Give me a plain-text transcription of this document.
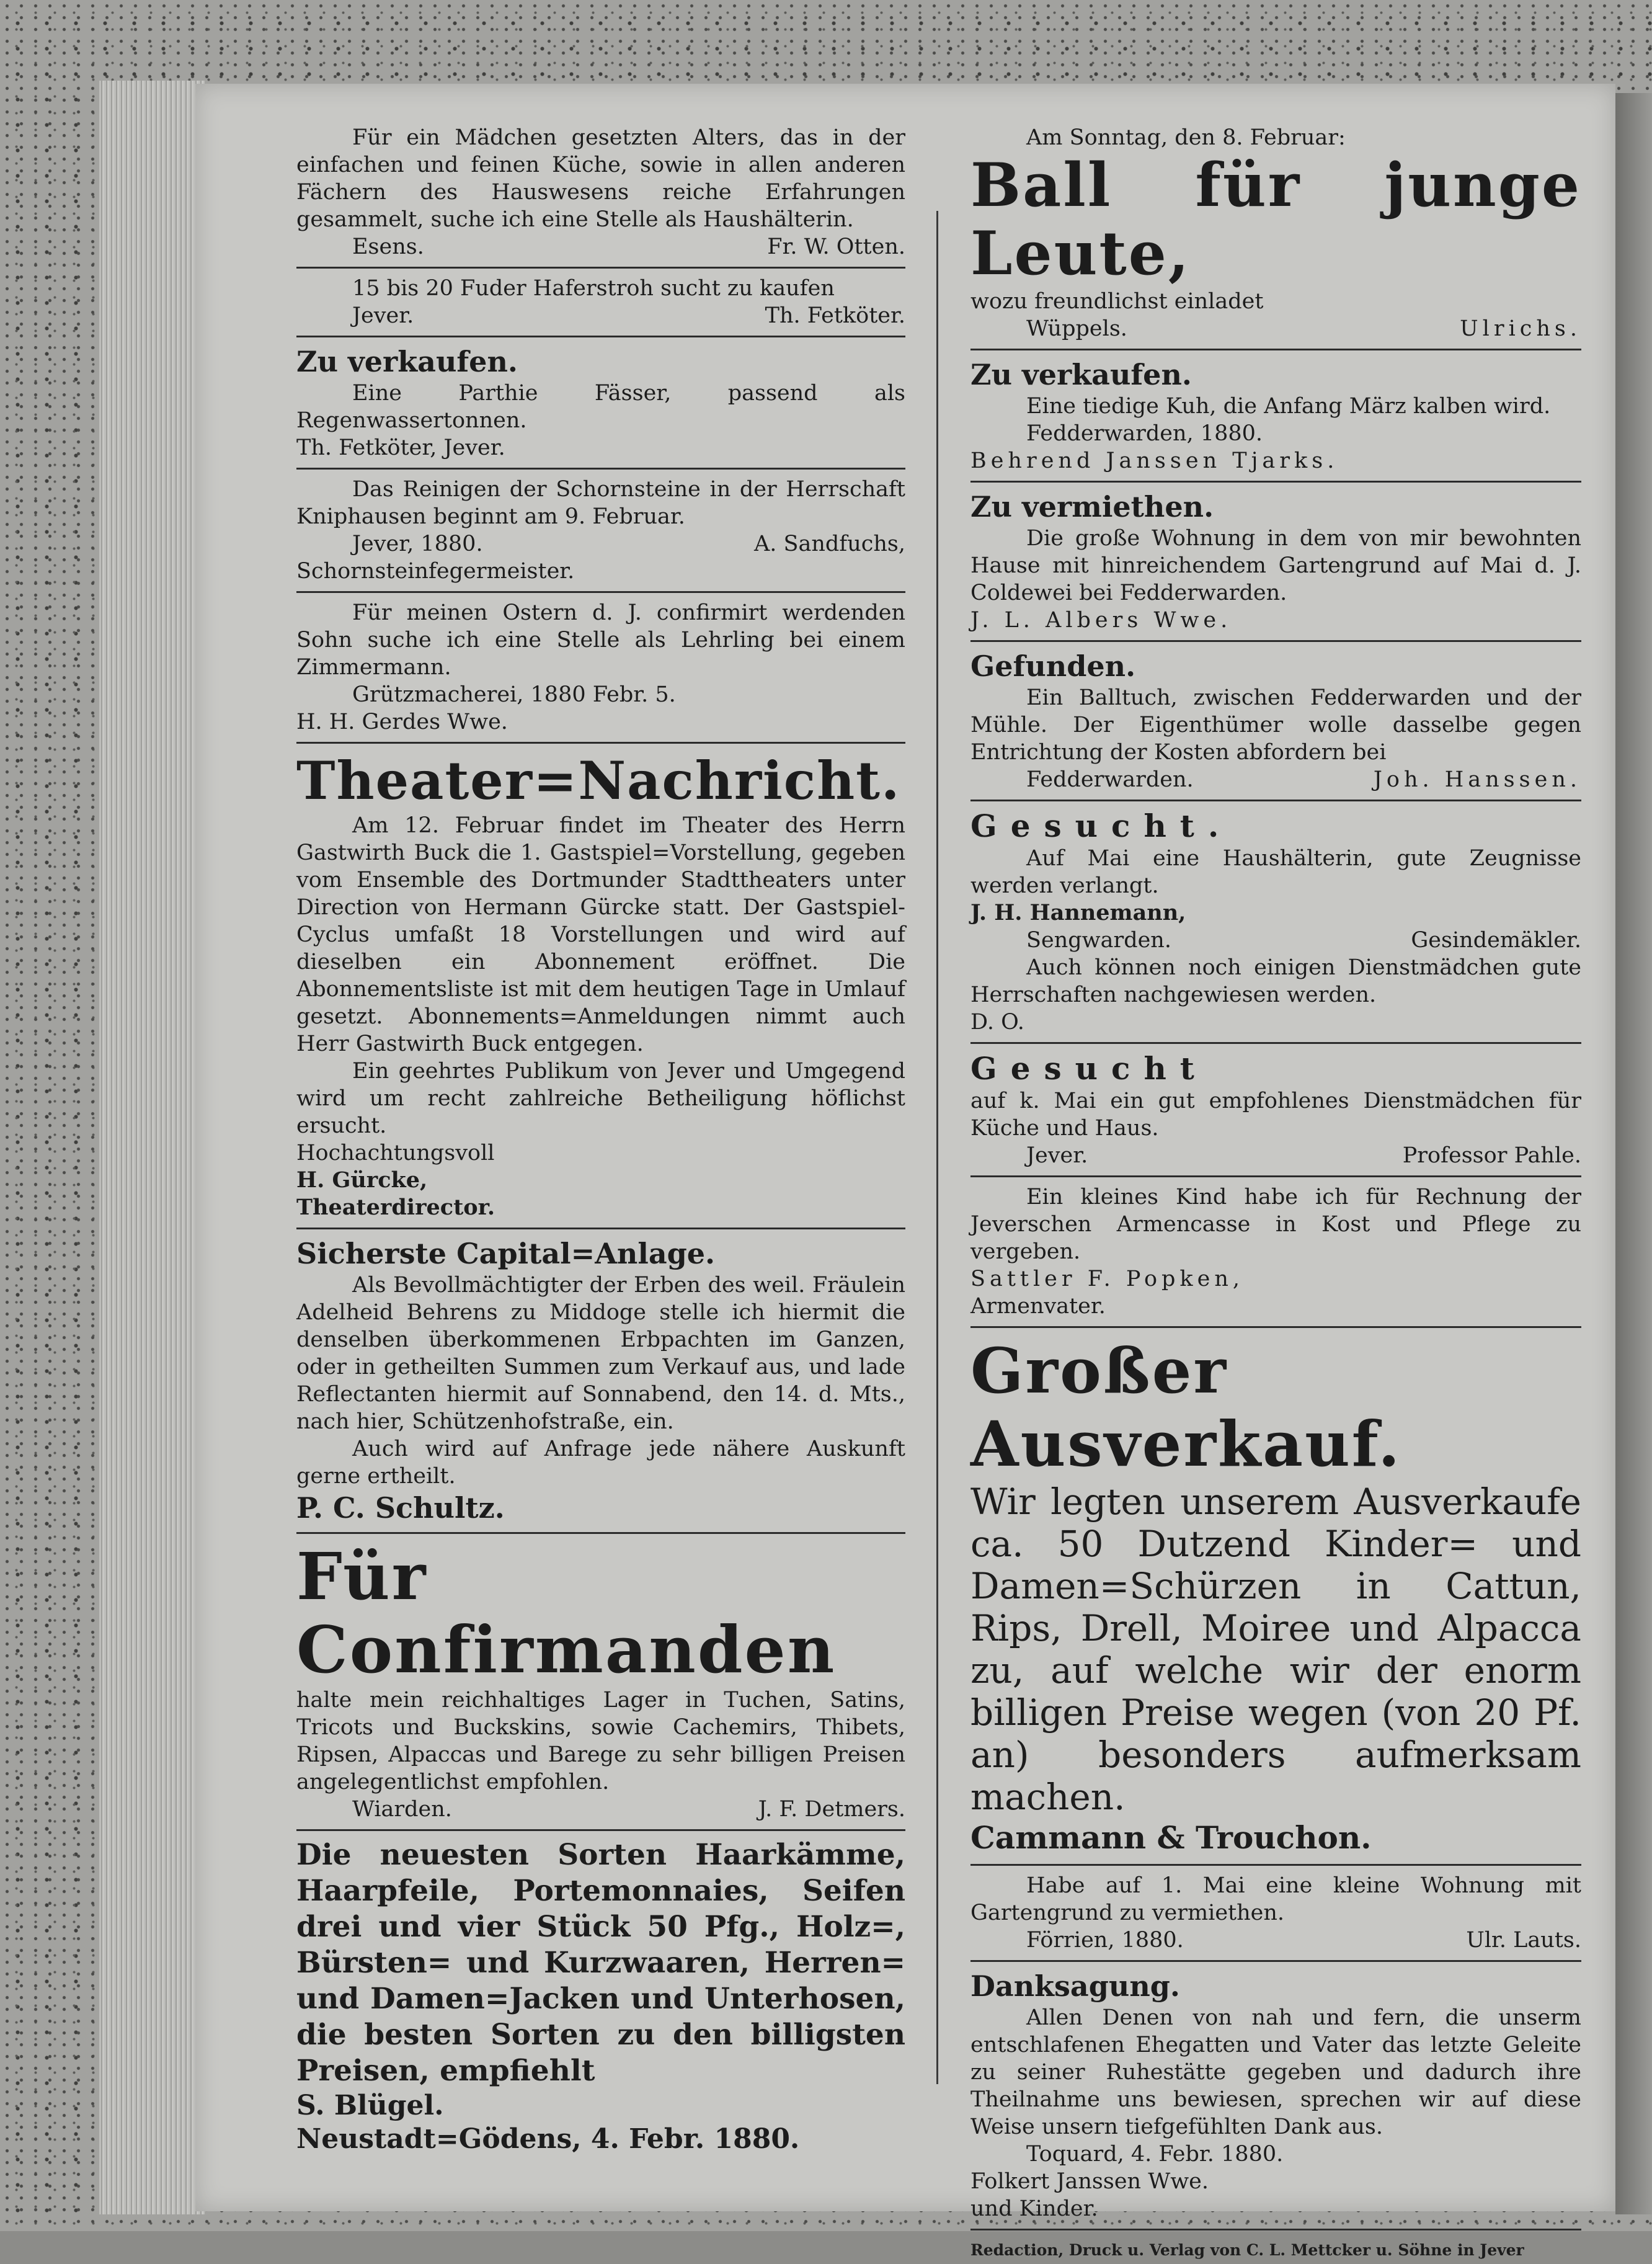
Für ein Mädchen gesetzten Alters, das in der einfachen und feinen Küche, sowie in allen anderen Fächern des Hauswesens reiche Erfahrungen gesammelt, suche ich eine Stelle als Haushälterin.

Esens.	Fr. W. Otten.

15 bis 20 Fuder Haferstroh sucht zu kaufen

Jever.	Th. Fetköter.

Zu verkaufen.

Eine Parthie Fässer, passend als Regenwassertonnen.

Th. Fetköter, Jever.

Das Reinigen der Schornsteine in der Herrschaft Kniphausen beginnt am 9. Februar.

Jever, 1880.	A. Sandfuchs,

Schornsteinfegermeister.

Für meinen Ostern d. J. confirmirt werdenden Sohn suche ich eine Stelle als Lehrling bei einem Zimmermann.

Grützmacherei, 1880 Febr. 5.

H. H. Gerdes Wwe.

Theater=Nachricht.

Am 12. Februar findet im Theater des Herrn Gastwirth Buck die 1. Gastspiel=Vorstellung, gegeben vom Ensemble des Dortmunder Stadttheaters unter Direction von Hermann Gürcke statt. Der Gastspiel-Cyclus umfaßt 18 Vorstellungen und wird auf dieselben ein Abonnement eröffnet. Die Abonnementsliste ist mit dem heutigen Tage in Umlauf gesetzt. Abonnements=Anmeldungen nimmt auch Herr Gastwirth Buck entgegen.

Ein geehrtes Publikum von Jever und Umgegend wird um recht zahlreiche Betheiligung höflichst ersucht.

Hochachtungsvoll

H. Gürcke,

Theaterdirector.

Sicherste Capital=Anlage.

Als Bevollmächtigter der Erben des weil. Fräulein Adelheid Behrens zu Middoge stelle ich hiermit die denselben überkommenen Erbpachten im Ganzen, oder in getheilten Summen zum Verkauf aus, und lade Reflectanten hiermit auf Sonnabend, den 14. d. Mts., nach hier, Schützenhofstraße, ein.

Auch wird auf Anfrage jede nähere Auskunft gerne ertheilt.

P. C. Schultz.

Für Confirmanden

halte mein reichhaltiges Lager in Tuchen, Satins, Tricots und Buckskins, sowie Cachemirs, Thibets, Ripsen, Alpaccas und Barege zu sehr billigen Preisen angelegentlichst empfohlen.

Wiarden.	J. F. Detmers.

Die neuesten Sorten Haarkämme, Haarpfeile, Portemonnaies, Seifen drei und vier Stück 50 Pfg., Holz=, Bürsten= und Kurzwaaren, Herren= und Damen=Jacken und Unterhosen, die besten Sorten zu den billigsten Preisen, empfiehlt

S. Blügel.

Neustadt=Gödens, 4. Febr. 1880.

Am Sonntag, den 8. Februar:

Ball für junge Leute,

wozu freundlichst einladet

Wüppels.	Ulrichs.

Zu verkaufen.

Eine tiedige Kuh, die Anfang März kalben wird.

Fedderwarden, 1880.

Behrend Janssen Tjarks.

Zu vermiethen.

Die große Wohnung in dem von mir bewohnten Hause mit hinreichendem Gartengrund auf Mai d. J. Coldewei bei Fedderwarden.

J. L. Albers Wwe.

Gefunden.

Ein Balltuch, zwischen Fedderwarden und der Mühle. Der Eigenthümer wolle dasselbe gegen Entrichtung der Kosten abfordern bei

Fedderwarden.	Joh. Hanssen.

Gesucht.

Auf Mai eine Haushälterin, gute Zeugnisse werden verlangt.

J. H. Hannemann,

Sengwarden.	Gesindemäkler.

Auch können noch einigen Dienstmädchen gute Herrschaften nachgewiesen werden.

D. O.

Gesucht

auf k. Mai ein gut empfohlenes Dienstmädchen für Küche und Haus.

Jever.	Professor Pahle.

Ein kleines Kind habe ich für Rechnung der Jeverschen Armencasse in Kost und Pflege zu vergeben.

Sattler F. Popken,

Armenvater.

Großer Ausverkauf.

Wir legten unserem Ausverkaufe ca. 50 Dutzend Kinder= und Damen=Schürzen in Cattun, Rips, Drell, Moiree und Alpacca zu, auf welche wir der enorm billigen Preise wegen (von 20 Pf. an) besonders aufmerksam machen.

Cammann & Trouchon.

Habe auf 1. Mai eine kleine Wohnung mit Gartengrund zu vermiethen.

Förrien, 1880.	Ulr. Lauts.

Danksagung.

Allen Denen von nah und fern, die unserm entschlafenen Ehegatten und Vater das letzte Geleite zu seiner Ruhestätte gegeben und dadurch ihre Theilnahme uns bewiesen, sprechen wir auf diese Weise unsern tiefgefühlten Dank aus.

Toquard, 4. Febr. 1880.

Folkert Janssen Wwe.

und Kinder.

Redaction, Druck u. Verlag von C. L. Mettcker u. Söhne in Jever
